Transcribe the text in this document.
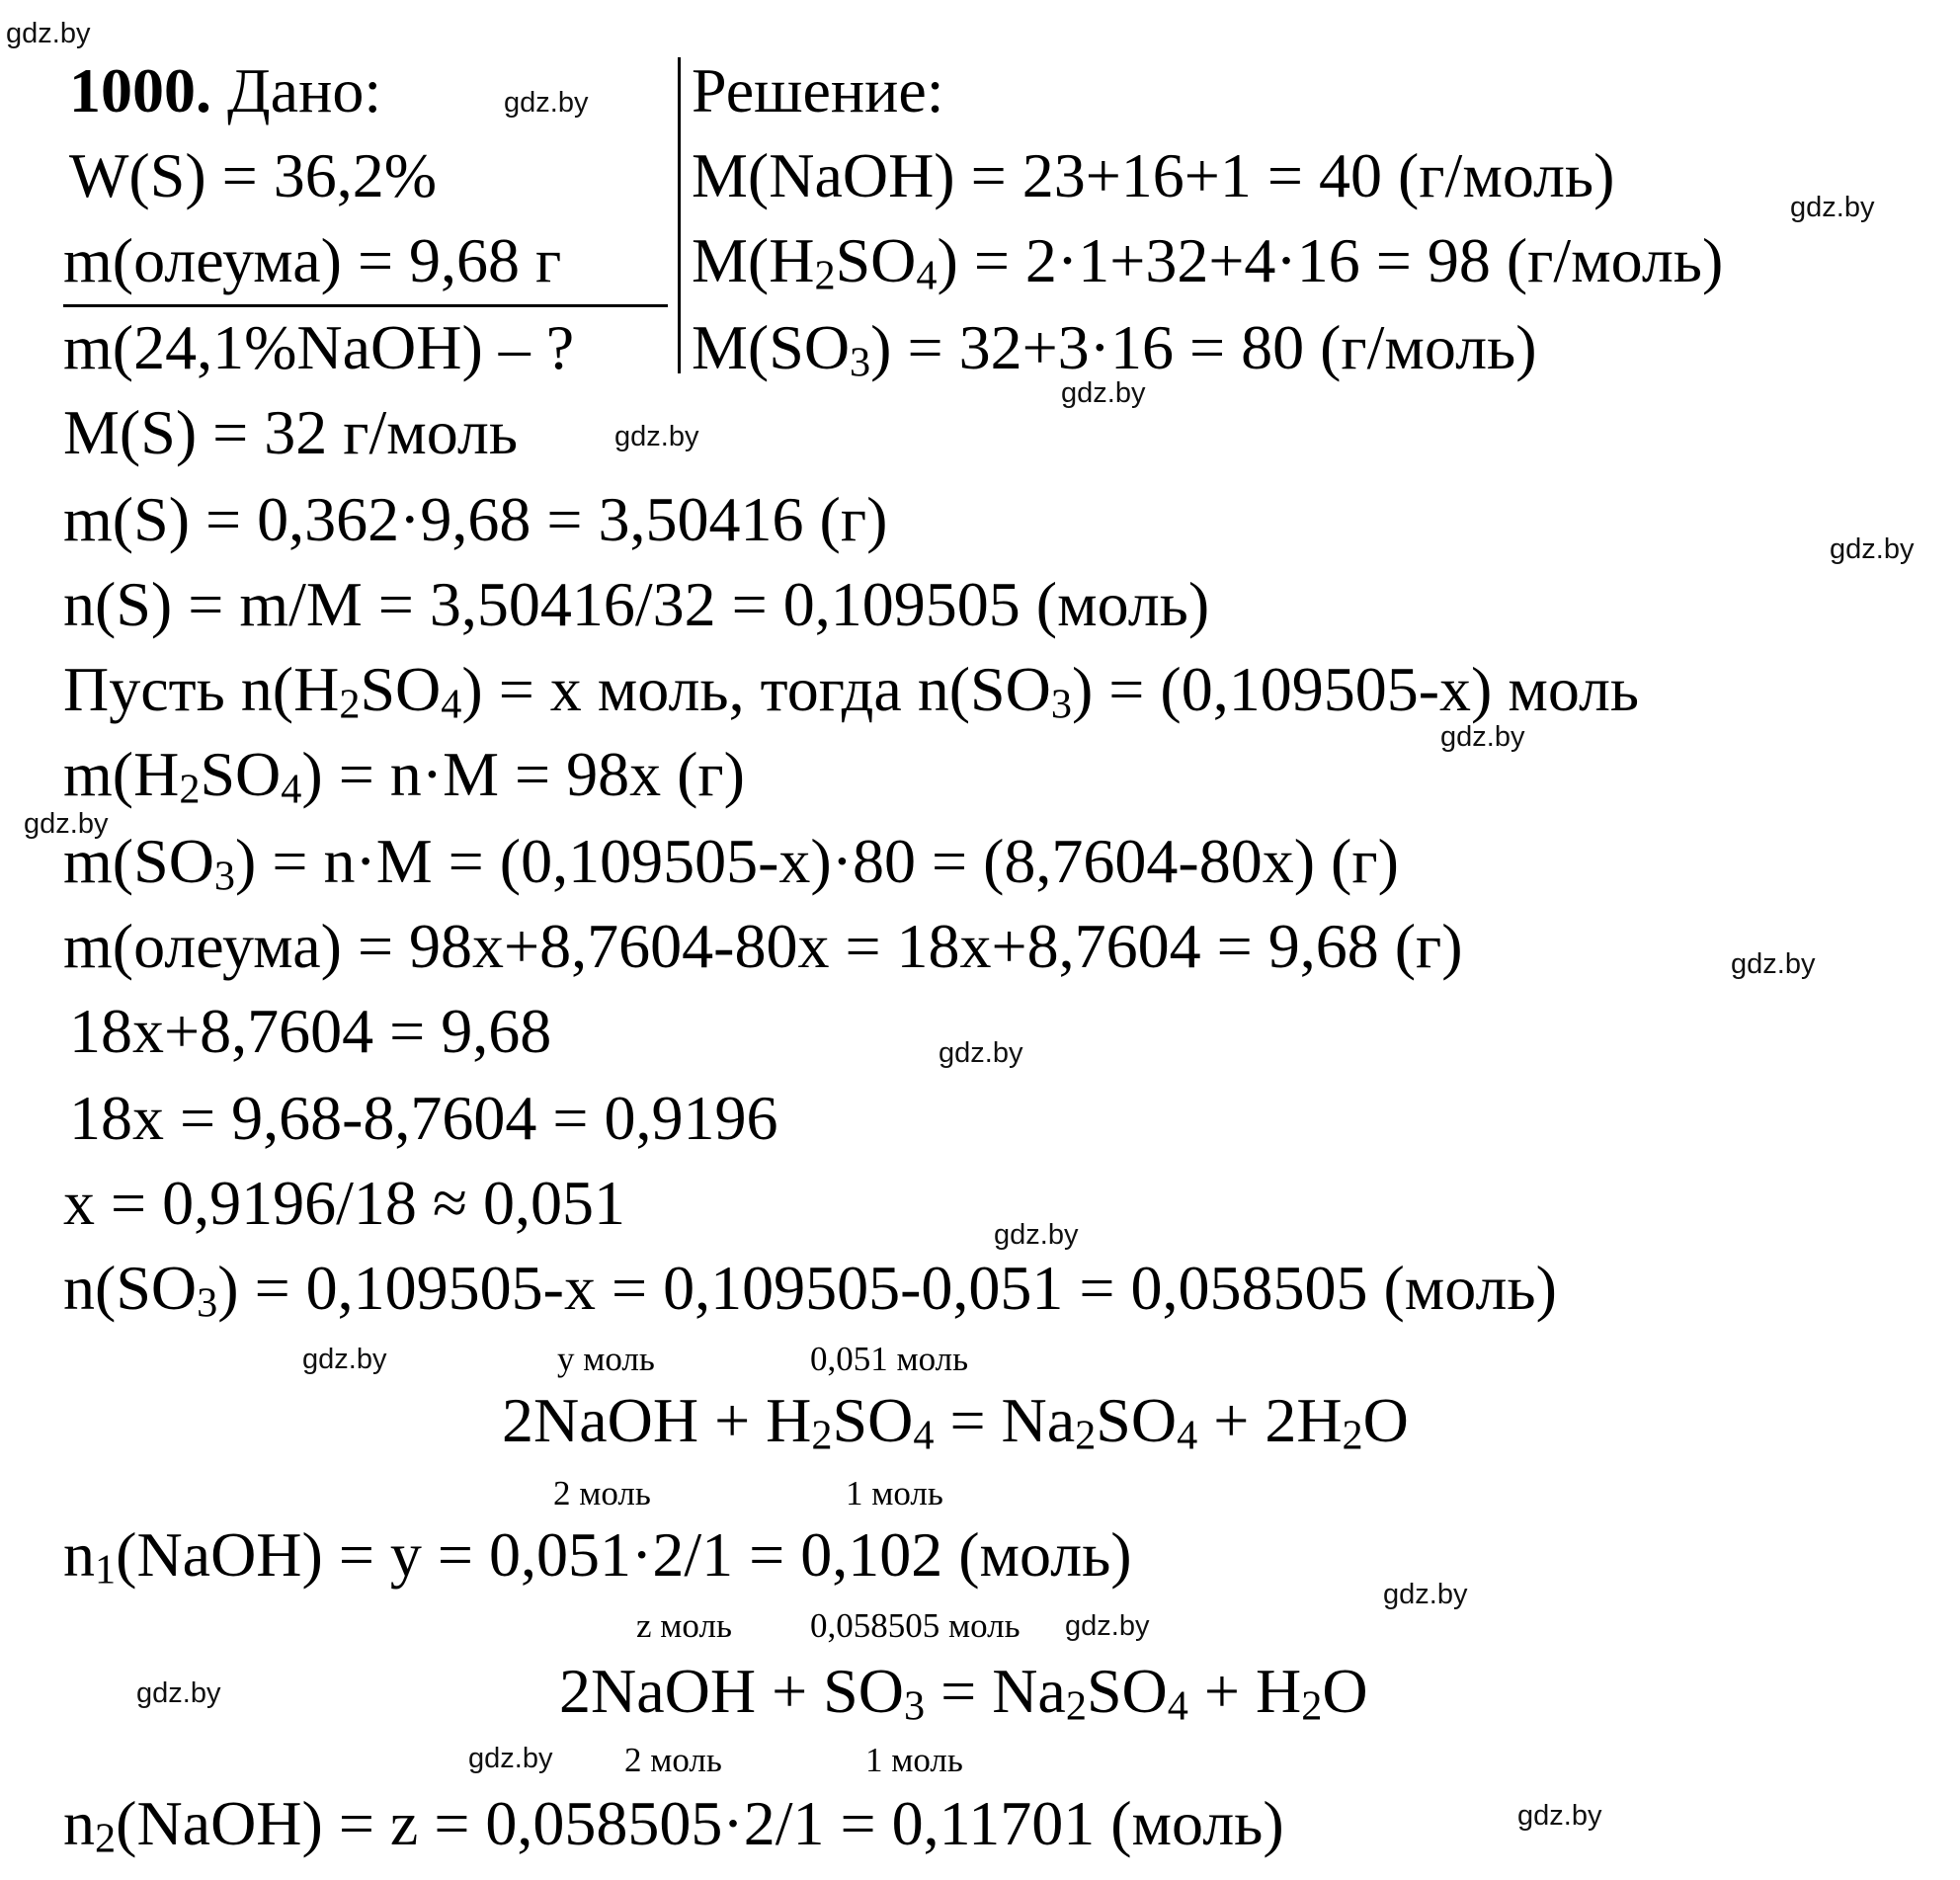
gdz.by
gdz.by
gdz.by
gdz.by
gdz.by
gdz.by
gdz.by
gdz.by
gdz.by
gdz.by
gdz.by
gdz.by
gdz.by
gdz.by
gdz.by
gdz.by
gdz.by
1000. Дано:
W(S) = 36,2%
m(олеума) = 9,68 г
m(24,1%NaOH) – ?
Решение:
M(NaOH) = 23+16+1 = 40 (г/моль)
$M(H_2SO_4) = 2\cdot 1+32+4\cdot 16 = 98$ (г/моль)
$M(SO_3) = 32+3\cdot 16 = 80$ (г/моль)
M(S) = 32 г/моль
m(S) = 0,362·9,68 = 3,50416 (г)
n(S) = m/M = 3,50416/32 = 0,109505 (моль)
Пусть $n(H_2SO_4) = x$ моль, тогда $n(SO_3) = (0,109505-x)$ моль
$m(H_2SO_4) = n\cdot M = 98x$ (г)
$m(SO_3) = n\cdot M = (0,109505-x)\cdot 80 = (8,7604-80x)$ (г)
m(олеума) = 98x+8,7604-80x = 18x+8,7604 = 9,68 (г)
18x+8,7604 = 9,68
18x = 9,68-8,7604 = 0,9196
x = 0,9196/18 ≈ 0,051
$n(SO_3) = 0,109505-x = 0,109505-0,051 = 0,058505$ (моль)
y моль	0,051 моль
2NaOH + $H_2SO_4 = Na_2SO_4 + 2H_2O$
2 моль	1 моль
$n_1(NaOH) = y = 0,051\cdot 2/1 = 0,102$ (моль)
z моль 0,058505 моль
2NaOH + $SO_3 = Na_2SO_4 + H_2O$
2 моль	1 моль
$n_2(NaOH) = z = 0,058505\cdot 2/1 = 0,11701$ (моль)
